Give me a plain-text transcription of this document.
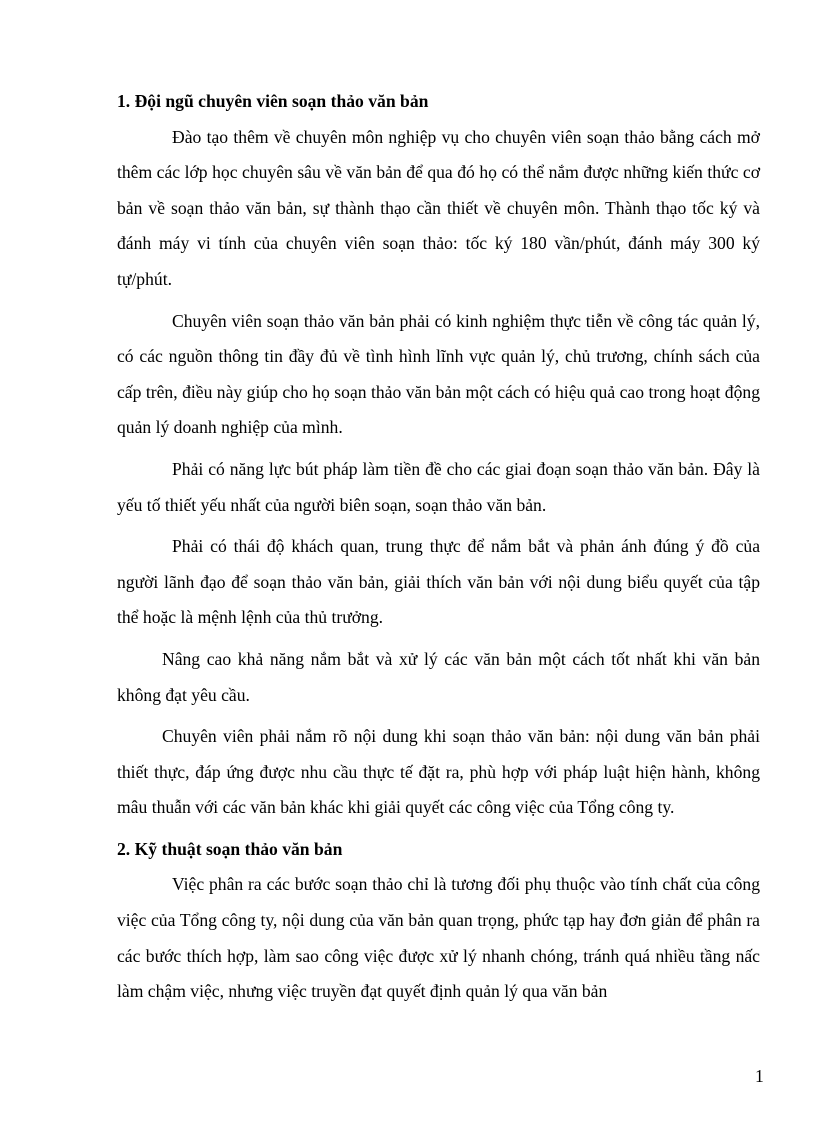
1. Đội ngũ chuyên viên soạn thảo văn bản

Đào tạo thêm về chuyên môn nghiệp vụ cho chuyên viên soạn thảo bằng cách mở thêm các lớp học chuyên sâu về văn bản để qua đó họ có thể nắm được những kiến thức cơ bản về soạn thảo văn bản, sự thành thạo cần thiết về chuyên môn. Thành thạo tốc ký và đánh máy vi tính của chuyên viên soạn thảo: tốc ký 180 vần/phút, đánh máy 300 ký tự/phút.

Chuyên viên soạn thảo văn bản phải có kinh nghiệm thực tiễn về công tác quản lý, có các nguồn thông tin đầy đủ về tình hình lĩnh vực quản lý, chủ trương, chính sách của cấp trên, điều này giúp cho họ soạn thảo văn bản một cách có hiệu quả cao trong hoạt động quản lý doanh nghiệp của mình.

Phải có năng lực bút pháp làm tiền đề cho các giai đoạn soạn thảo văn bản. Đây là yếu tố thiết yếu nhất của người biên soạn, soạn thảo văn bản.

Phải có thái độ khách quan, trung thực để nắm bắt và phản ánh đúng ý đồ của người lãnh đạo để soạn thảo văn bản, giải thích văn bản với nội dung biểu quyết của tập thể hoặc là mệnh lệnh của thủ trưởng.

Nâng cao khả năng nắm bắt và xử lý các văn bản một cách tốt nhất khi văn bản không đạt yêu cầu.

Chuyên viên phải nắm rõ nội dung khi soạn thảo văn bản: nội dung văn bản phải thiết thực, đáp ứng được nhu cầu thực tế đặt ra, phù hợp với pháp luật hiện hành, không mâu thuẫn với các văn bản khác khi giải quyết các công việc của Tổng công ty.

2. Kỹ thuật soạn thảo văn bản

Việc phân ra các bước soạn thảo chỉ là tương đối phụ thuộc vào tính chất của công việc của Tổng công ty, nội dung của văn bản quan trọng, phức tạp hay đơn giản để phân ra các bước thích hợp, làm sao công việc được xử lý nhanh chóng, tránh quá nhiều tầng nấc làm chậm việc, nhưng việc truyền đạt quyết định quản lý qua văn bản

1
